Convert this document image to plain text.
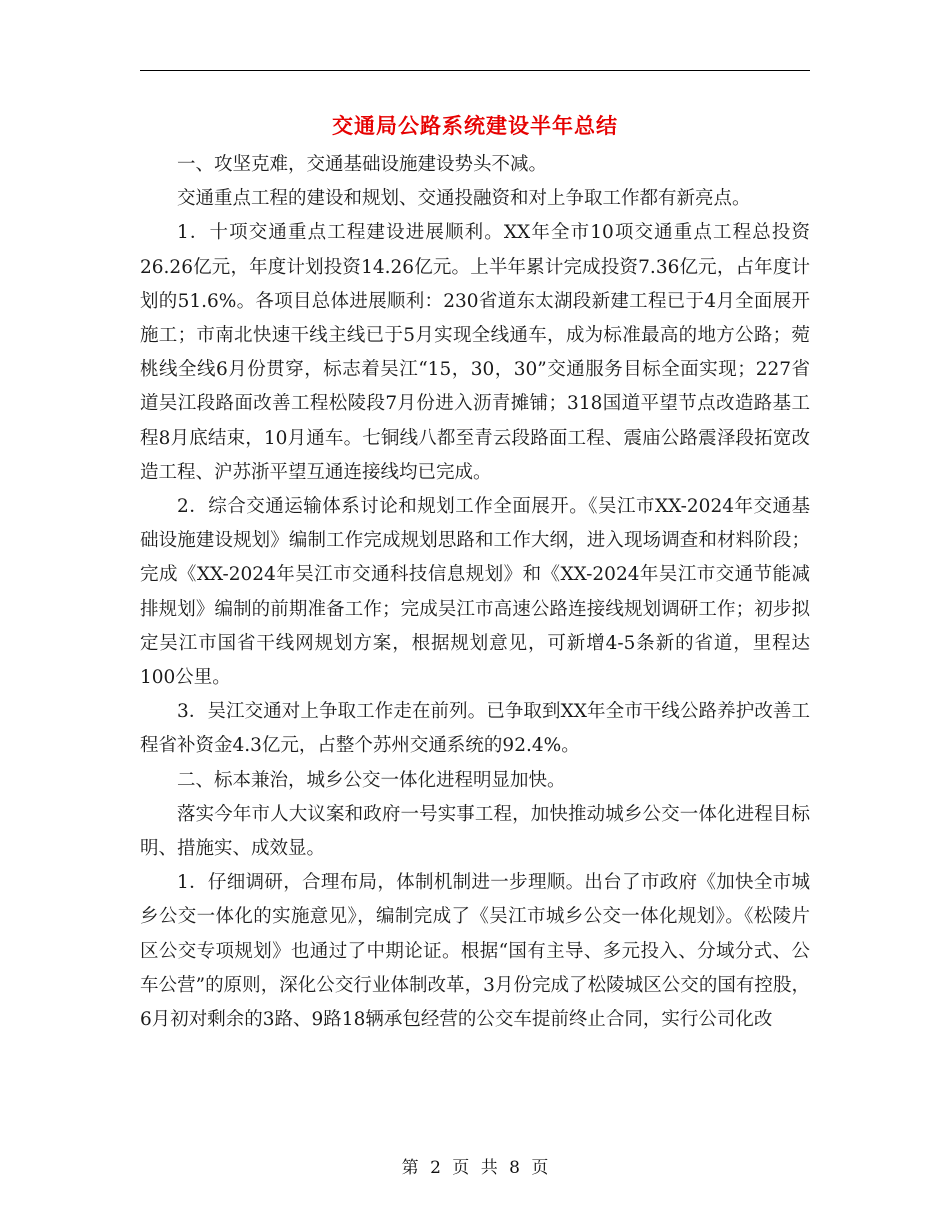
交通局公路系统建设半年总结

一、攻坚克难，交通基础设施建设势头不减。

交通重点工程的建设和规划、交通投融资和对上争取工作都有新亮点。

1．十项交通重点工程建设进展顺利。XX年全市10项交通重点工程总投资26.26亿元，年度计划投资14.26亿元。上半年累计完成投资7.36亿元，占年度计划的51.6%。各项目总体进展顺利：230省道东太湖段新建工程已于4月全面展开施工；市南北快速干线主线已于5月实现全线通车，成为标准最高的地方公路；菀桃线全线6月份贯穿，标志着吴江“15，30，30”交通服务目标全面实现；227省道吴江段路面改善工程松陵段7月份进入沥青摊铺；318国道平望节点改造路基工程8月底结束，10月通车。七铜线八都至青云段路面工程、震庙公路震泽段拓宽改造工程、沪苏浙平望互通连接线均已完成。

2．综合交通运输体系讨论和规划工作全面展开。《吴江市XX-2024年交通基础设施建设规划》编制工作完成规划思路和工作大纲，进入现场调查和材料阶段；完成《XX-2024年吴江市交通科技信息规划》和《XX-2024年吴江市交通节能减排规划》编制的前期准备工作；完成吴江市高速公路连接线规划调研工作；初步拟定吴江市国省干线网规划方案，根据规划意见，可新增4-5条新的省道，里程达100公里。

3．吴江交通对上争取工作走在前列。已争取到XX年全市干线公路养护改善工程省补资金4.3亿元，占整个苏州交通系统的92.4%。

二、标本兼治，城乡公交一体化进程明显加快。

落实今年市人大议案和政府一号实事工程，加快推动城乡公交一体化进程目标明、措施实、成效显。

1．仔细调研，合理布局，体制机制进一步理顺。出台了市政府《加快全市城乡公交一体化的实施意见》，编制完成了《吴江市城乡公交一体化规划》。《松陵片区公交专项规划》也通过了中期论证。根据“国有主导、多元投入、分域分式、公车公营”的原则，深化公交行业体制改革，3月份完成了松陵城区公交的国有控股，6月初对剩余的3路、9路18辆承包经营的公交车提前终止合同，实行公司化改

第 2 页 共 8 页
